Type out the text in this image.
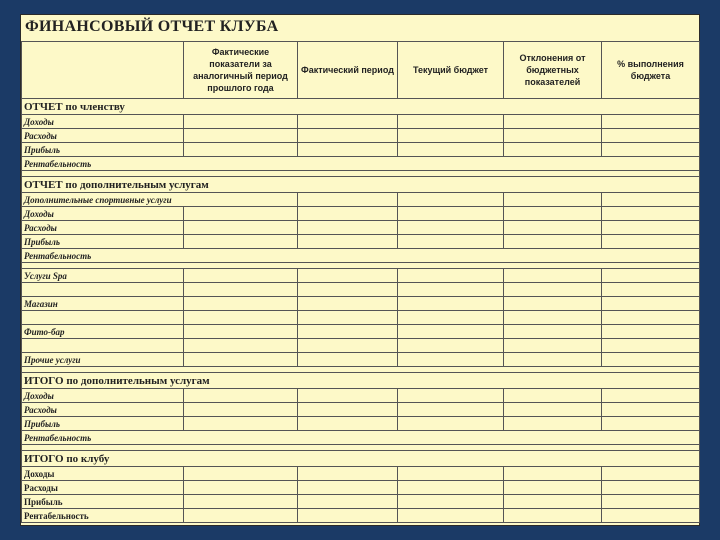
ФИНАНСОВЫЙ ОТЧЕТ КЛУБА
	Фактические показатели за аналогичный период прошлого года	Фактический период	Текущий бюджет	Отклонения от бюджетных показателей	% выполнения бюджета
ОТЧЕТ по членству					
Доходы					
Расходы					
Прибыль					
Рентабельность					

ОТЧЕТ по дополнительным услугам					
Дополнительные спортивные услуги					
Доходы					
Расходы					
Прибыль					
Рентабельность					

Услуги Spa					

Магазин					

Фито-бар					

Прочие услуги					

ИТОГО по дополнительным услугам					
Доходы					
Расходы					
Прибыль					
Рентабельность					

ИТОГО по клубу					
Доходы					
Расходы					
Прибыль					
Рентабельность					
